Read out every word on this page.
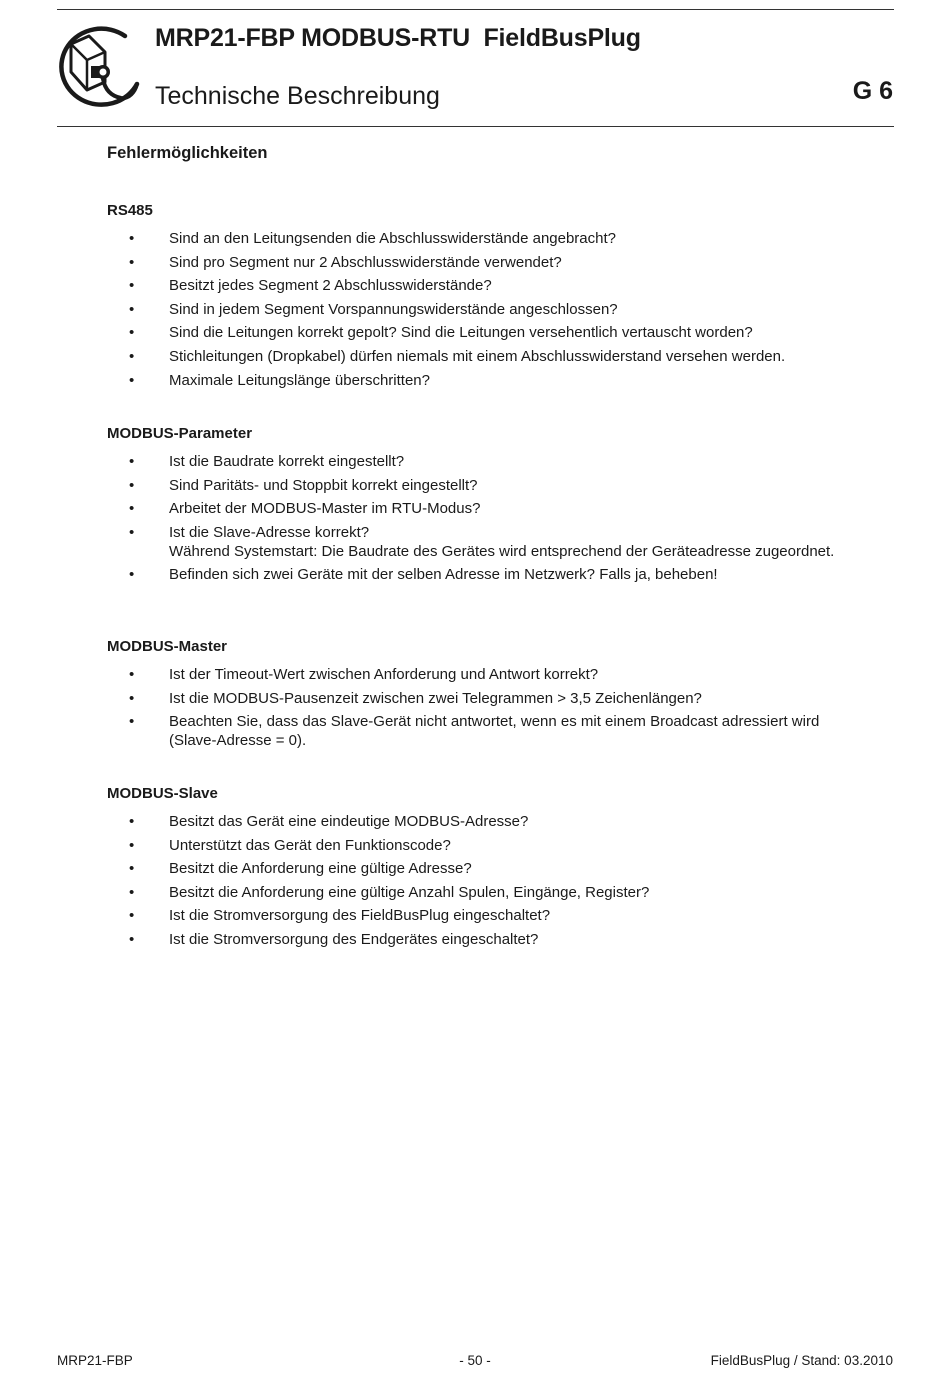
MRP21-FBP MODBUS-RTU  FieldBusPlug

Technische Beschreibung	G 6

Fehlermöglichkeiten
RS485
• Sind an den Leitungsenden die Abschlusswiderstände angebracht?
• Sind pro Segment nur 2 Abschlusswiderstände verwendet?
• Besitzt jedes Segment 2 Abschlusswiderstände?
• Sind in jedem Segment Vorspannungswiderstände angeschlossen?
• Sind die Leitungen korrekt gepolt? Sind die Leitungen versehentlich vertauscht worden?
• Stichleitungen (Dropkabel) dürfen niemals mit einem Abschlusswiderstand versehen werden.
• Maximale Leitungslänge überschritten?
MODBUS-Parameter
• Ist die Baudrate korrekt eingestellt?
• Sind Paritäts- und Stoppbit korrekt eingestellt?
• Arbeitet der MODBUS-Master im RTU-Modus?
• Ist die Slave-Adresse korrekt?
Während Systemstart: Die Baudrate des Gerätes wird entsprechend der Geräteadresse zugeordnet.
• Befinden sich zwei Geräte mit der selben Adresse im Netzwerk? Falls ja, beheben!
MODBUS-Master
• Ist der Timeout-Wert zwischen Anforderung und Antwort korrekt?
• Ist die MODBUS-Pausenzeit zwischen zwei Telegrammen > 3,5 Zeichenlängen?
• Beachten Sie, dass das Slave-Gerät nicht antwortet, wenn es mit einem Broadcast adressiert wird (Slave-Adresse = 0).
MODBUS-Slave
• Besitzt das Gerät eine eindeutige MODBUS-Adresse?
• Unterstützt das Gerät den Funktionscode?
• Besitzt die Anforderung eine gültige Adresse?
• Besitzt die Anforderung eine gültige Anzahl Spulen, Eingänge, Register?
• Ist die Stromversorgung des FieldBusPlug eingeschaltet?
• Ist die Stromversorgung des Endgerätes eingeschaltet?

MRP21-FBP	- 50 -	FieldBusPlug / Stand: 03.2010
